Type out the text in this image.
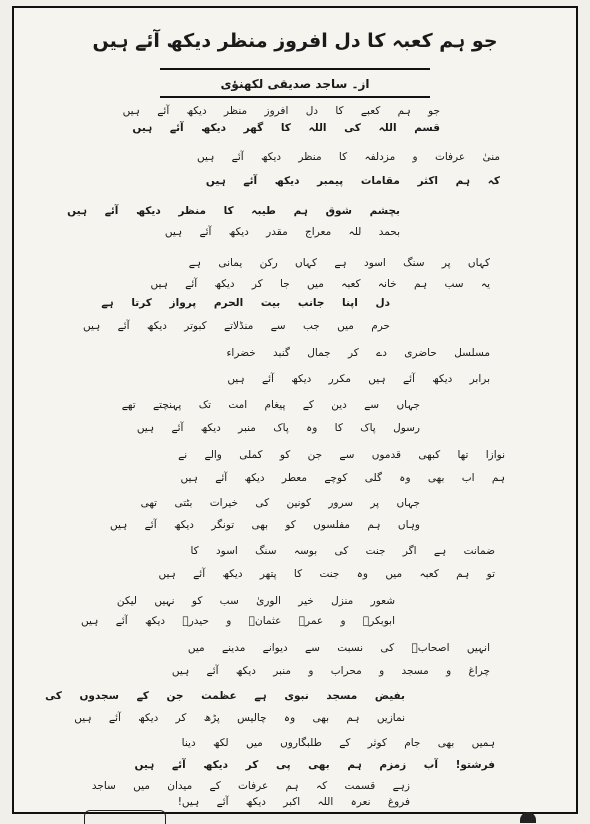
جو ہم کعبہ کا دل افروز منظر دیکھ آئے ہیں
از۔ ساجد صدیقی لکھنؤی
جو ہم کعبے کا دل افروز منظر دیکھ آئے ہیں
قسم اللہ کی اللہ کا گھر دیکھ آئے ہیں
منیٰ عرفات و مزدلفہ کا منظر دیکھ آئے ہیں
کہ ہم اکثر مقامات پیمبر دیکھ آئے ہیں
بچشم شوق ہم طیبہ کا منظر دیکھ آئے ہیں
بحمد للہ معراج مقدر دیکھ آئے ہیں
کہاں پر سنگ اسود ہے کہاں رکن یمانی ہے
یہ سب ہم خانہ کعبہ میں جا کر دیکھ آئے ہیں
دل اپنا جانب بیت الحرم پرواز کرتا ہے
حرم میں جب سے منڈلاتے کبوتر دیکھ آئے ہیں
مسلسل حاضری دے کر جمال گنبد خضراء
برابر دیکھ آئے ہیں مکرر دیکھ آئے ہیں
جہاں سے دین کے پیغام امت تک پہنچتے تھے
رسول پاک کا وہ پاک منبر دیکھ آئے ہیں
نوازا تھا کبھی قدموں سے جن کو کملی والے نے
ہم اب بھی وہ گلی کوچے معطر دیکھ آئے ہیں
جہاں پر سرور کونین کی خیرات بٹتی تھی
وہاں ہم مفلسوں کو بھی تونگر دیکھ آئے ہیں
ضمانت ہے اگر جنت کی بوسہ سنگ اسود کا
تو ہم کعبہ میں وہ جنت کا پتھر دیکھ آئے ہیں
شعور منزل خیر الوریٰ سب کو نہیں لیکن
ابوبکرؓ و عمرؓ عثمانؓ و حیدرؓ دیکھ آئے ہیں
انہیں اصحابؓ کی نسبت سے دیوانے مدینے میں
چراغ و مسجد و محراب و منبر دیکھ آئے ہیں
بفیض مسجد نبوی ہے عظمت جن کے سجدوں کی
نمازیں ہم بھی وہ چالیس پڑھ کر دیکھ آئے ہیں
ہمیں بھی جام کوثر کے طلبگاروں میں لکھ دینا
فرشتو! آب زمزم ہم بھی پی کر دیکھ آئے ہیں
زہے قسمت کہ ہم عرفات کے میدان میں ساجد
فروغ نعرہ اللہ اکبر دیکھ آئے ہیں!
